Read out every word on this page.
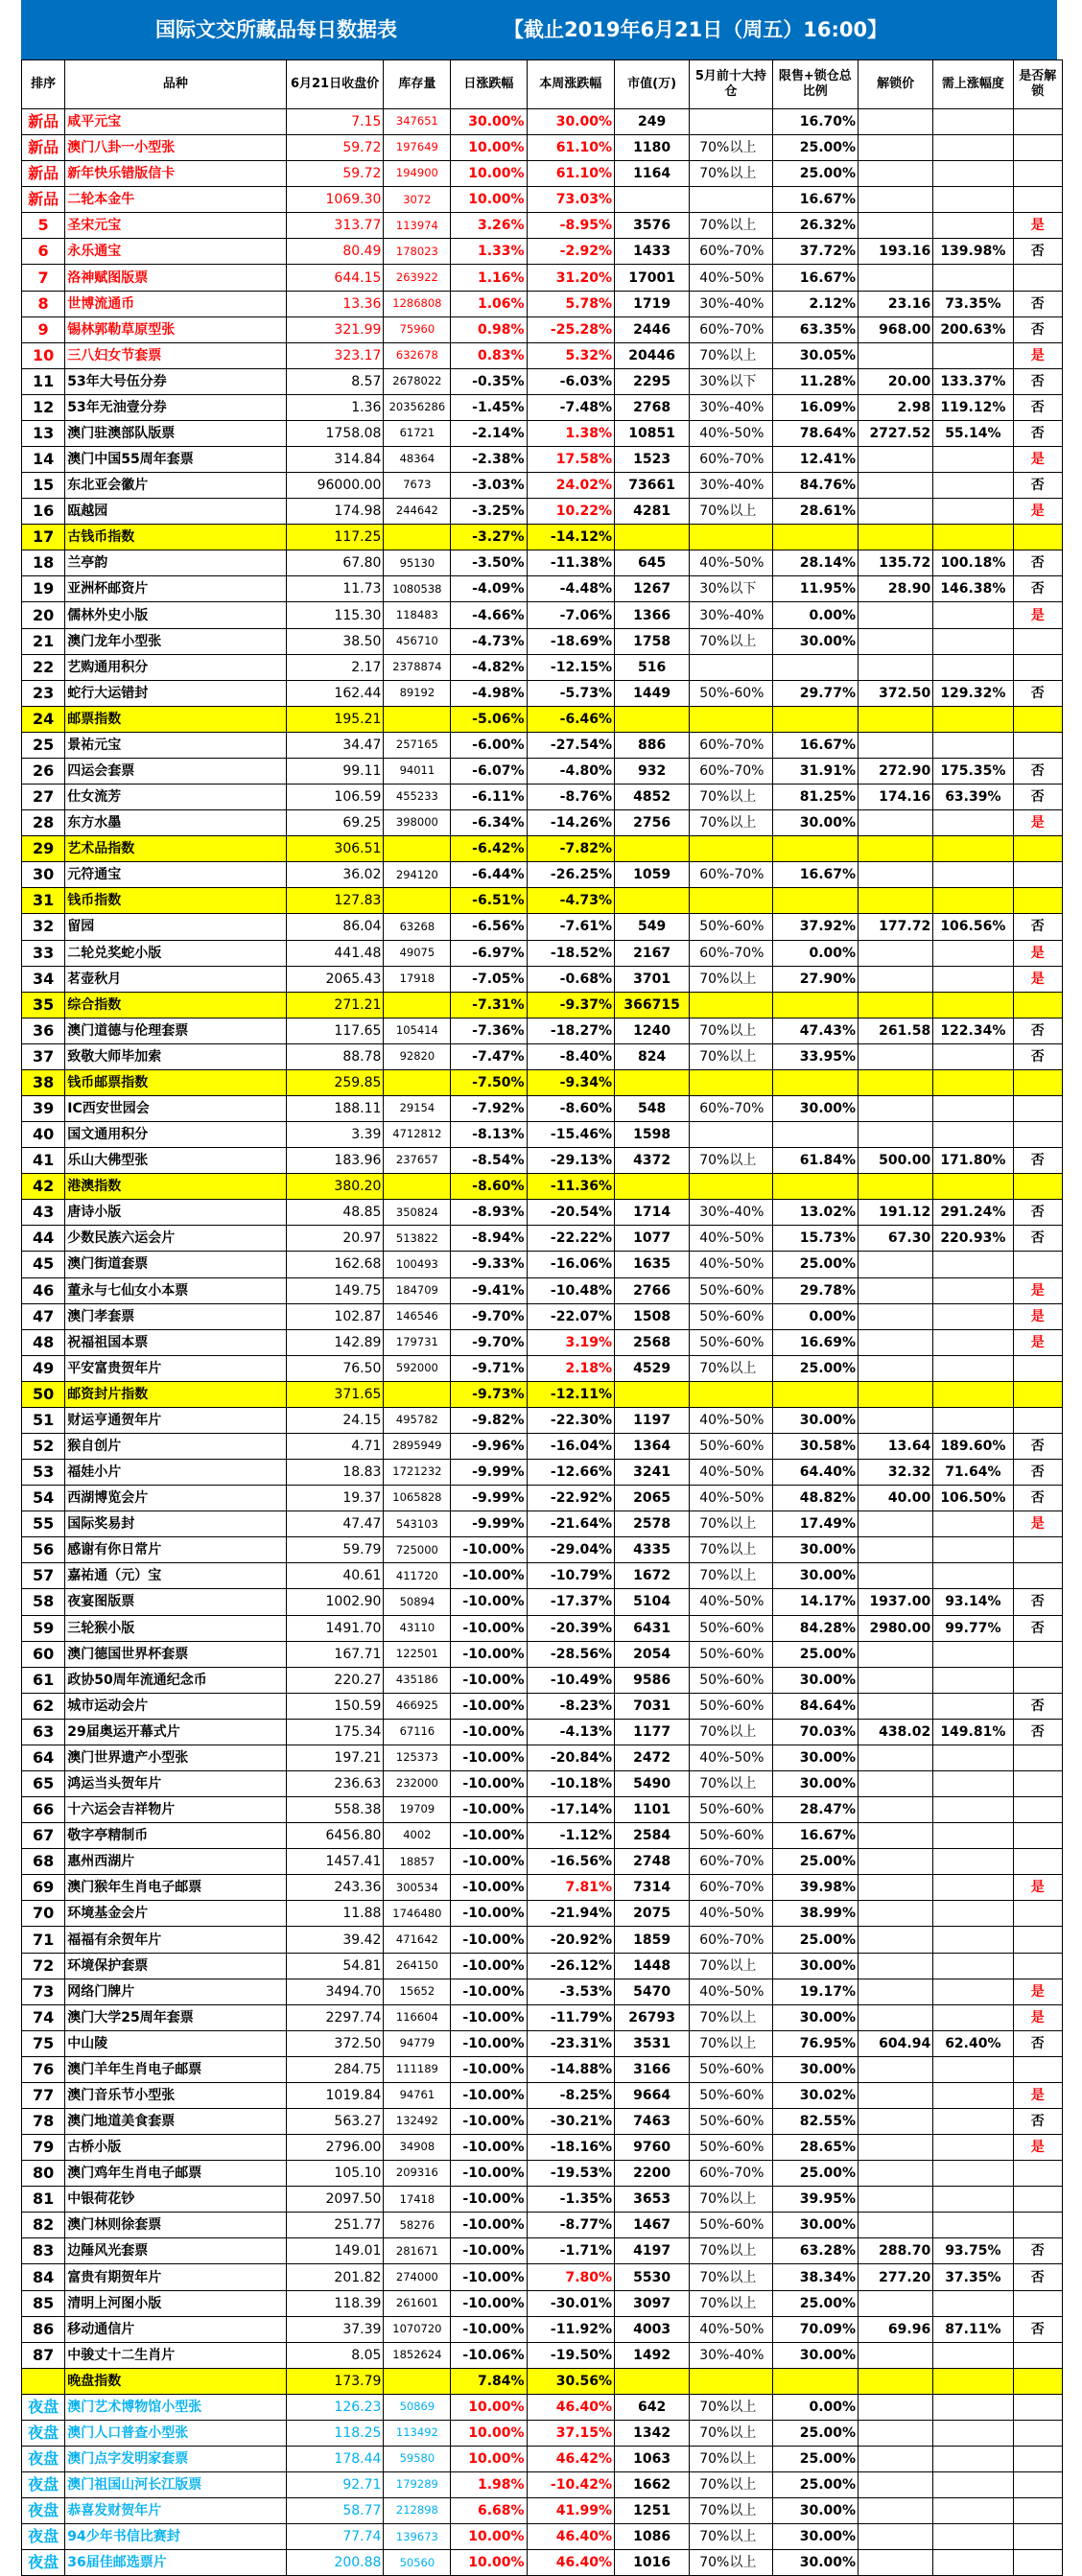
国际文交所藏品每日数据表	【截止2019年6月21日（周五）16:00】
排序	品种	6月21日收盘价	库存量	日涨跌幅	本周涨跌幅	市值(万)	5月前十大持仓	限售+锁仓总比例	解锁价	需上涨幅度	是否解锁
新品	咸平元宝	7.15	347651	30.00%	30.00%	249		16.70%			
新品	澳门八卦一小型张	59.72	197649	10.00%	61.10%	1180	70%以上	25.00%			
新品	新年快乐错版信卡	59.72	194900	10.00%	61.10%	1164	70%以上	25.00%			
新品	二轮本金牛	1069.30	3072	10.00%	73.03%			16.67%			
5	圣宋元宝	313.77	113974	3.26%	-8.95%	3576	70%以上	26.32%			是
6	永乐通宝	80.49	178023	1.33%	-2.92%	1433	60%-70%	37.72%	193.16	139.98%	否
7	洛神赋图版票	644.15	263922	1.16%	31.20%	17001	40%-50%	16.67%			
8	世博流通币	13.36	1286808	1.06%	5.78%	1719	30%-40%	2.12%	23.16	73.35%	否
9	锡林郭勒草原型张	321.99	75960	0.98%	-25.28%	2446	60%-70%	63.35%	968.00	200.63%	否
10	三八妇女节套票	323.17	632678	0.83%	5.32%	20446	70%以上	30.05%			是
11	53年大号伍分券	8.57	2678022	-0.35%	-6.03%	2295	30%以下	11.28%	20.00	133.37%	否
12	53年无油壹分券	1.36	20356286	-1.45%	-7.48%	2768	30%-40%	16.09%	2.98	119.12%	否
13	澳门驻澳部队版票	1758.08	61721	-2.14%	1.38%	10851	40%-50%	78.64%	2727.52	55.14%	否
14	澳门中国55周年套票	314.84	48364	-2.38%	17.58%	1523	60%-70%	12.41%			是
15	东北亚会徽片	96000.00	7673	-3.03%	24.02%	73661	30%-40%	84.76%			否
16	瓯越园	174.98	244642	-3.25%	10.22%	4281	70%以上	28.61%			是
17	古钱币指数	117.25		-3.27%	-14.12%						
18	兰亭韵	67.80	95130	-3.50%	-11.38%	645	40%-50%	28.14%	135.72	100.18%	否
19	亚洲杯邮资片	11.73	1080538	-4.09%	-4.48%	1267	30%以下	11.95%	28.90	146.38%	否
20	儒林外史小版	115.30	118483	-4.66%	-7.06%	1366	30%-40%	0.00%			是
21	澳门龙年小型张	38.50	456710	-4.73%	-18.69%	1758	70%以上	30.00%			
22	艺购通用积分	2.17	2378874	-4.82%	-12.15%	516					
23	蛇行大运错封	162.44	89192	-4.98%	-5.73%	1449	50%-60%	29.77%	372.50	129.32%	否
24	邮票指数	195.21		-5.06%	-6.46%						
25	景祐元宝	34.47	257165	-6.00%	-27.54%	886	60%-70%	16.67%			
26	四运会套票	99.11	94011	-6.07%	-4.80%	932	60%-70%	31.91%	272.90	175.35%	否
27	仕女流芳	106.59	455233	-6.11%	-8.76%	4852	70%以上	81.25%	174.16	63.39%	否
28	东方水墨	69.25	398000	-6.34%	-14.26%	2756	70%以上	30.00%			是
29	艺术品指数	306.51		-6.42%	-7.82%						
30	元符通宝	36.02	294120	-6.44%	-26.25%	1059	60%-70%	16.67%			
31	钱币指数	127.83		-6.51%	-4.73%						
32	留园	86.04	63268	-6.56%	-7.61%	549	50%-60%	37.92%	177.72	106.56%	否
33	二轮兑奖蛇小版	441.48	49075	-6.97%	-18.52%	2167	60%-70%	0.00%			是
34	茗壶秋月	2065.43	17918	-7.05%	-0.68%	3701	70%以上	27.90%			是
35	综合指数	271.21		-7.31%	-9.37%	366715					
36	澳门道德与伦理套票	117.65	105414	-7.36%	-18.27%	1240	70%以上	47.43%	261.58	122.34%	否
37	致敬大师毕加索	88.78	92820	-7.47%	-8.40%	824	70%以上	33.95%			否
38	钱币邮票指数	259.85		-7.50%	-9.34%						
39	IC西安世园会	188.11	29154	-7.92%	-8.60%	548	60%-70%	30.00%			
40	国文通用积分	3.39	4712812	-8.13%	-15.46%	1598					
41	乐山大佛型张	183.96	237657	-8.54%	-29.13%	4372	70%以上	61.84%	500.00	171.80%	否
42	港澳指数	380.20		-8.60%	-11.36%						
43	唐诗小版	48.85	350824	-8.93%	-20.54%	1714	30%-40%	13.02%	191.12	291.24%	否
44	少数民族六运会片	20.97	513822	-8.94%	-22.22%	1077	40%-50%	15.73%	67.30	220.93%	否
45	澳门街道套票	162.68	100493	-9.33%	-16.06%	1635	40%-50%	25.00%			
46	董永与七仙女小本票	149.75	184709	-9.41%	-10.48%	2766	50%-60%	29.78%			是
47	澳门孝套票	102.87	146546	-9.70%	-22.07%	1508	50%-60%	0.00%			是
48	祝福祖国本票	142.89	179731	-9.70%	3.19%	2568	50%-60%	16.69%			是
49	平安富贵贺年片	76.50	592000	-9.71%	2.18%	4529	70%以上	25.00%			
50	邮资封片指数	371.65		-9.73%	-12.11%						
51	财运亨通贺年片	24.15	495782	-9.82%	-22.30%	1197	40%-50%	30.00%			
52	猴自创片	4.71	2895949	-9.96%	-16.04%	1364	50%-60%	30.58%	13.64	189.60%	否
53	福娃小片	18.83	1721232	-9.99%	-12.66%	3241	40%-50%	64.40%	32.32	71.64%	否
54	西湖博览会片	19.37	1065828	-9.99%	-22.92%	2065	40%-50%	48.82%	40.00	106.50%	否
55	国际奖易封	47.47	543103	-9.99%	-21.64%	2578	70%以上	17.49%			是
56	感谢有你日常片	59.79	725000	-10.00%	-29.04%	4335	70%以上	30.00%			
57	嘉祐通（元）宝	40.61	411720	-10.00%	-10.79%	1672	70%以上	30.00%			
58	夜宴图版票	1002.90	50894	-10.00%	-17.37%	5104	40%-50%	14.17%	1937.00	93.14%	否
59	三轮猴小版	1491.70	43110	-10.00%	-20.39%	6431	50%-60%	84.28%	2980.00	99.77%	否
60	澳门德国世界杯套票	167.71	122501	-10.00%	-28.56%	2054	50%-60%	25.00%			
61	政协50周年流通纪念币	220.27	435186	-10.00%	-10.49%	9586	50%-60%	30.00%			
62	城市运动会片	150.59	466925	-10.00%	-8.23%	7031	50%-60%	84.64%			否
63	29届奥运开幕式片	175.34	67116	-10.00%	-4.13%	1177	70%以上	70.03%	438.02	149.81%	否
64	澳门世界遗产小型张	197.21	125373	-10.00%	-20.84%	2472	40%-50%	30.00%			
65	鸿运当头贺年片	236.63	232000	-10.00%	-10.18%	5490	70%以上	30.00%			
66	十六运会吉祥物片	558.38	19709	-10.00%	-17.14%	1101	50%-60%	28.47%			
67	敬字亭精制币	6456.80	4002	-10.00%	-1.12%	2584	50%-60%	16.67%			
68	惠州西湖片	1457.41	18857	-10.00%	-16.56%	2748	60%-70%	25.00%			
69	澳门猴年生肖电子邮票	243.36	300534	-10.00%	7.81%	7314	60%-70%	39.98%			是
70	环境基金会片	11.88	1746480	-10.00%	-21.94%	2075	40%-50%	38.99%			
71	福福有余贺年片	39.42	471642	-10.00%	-20.92%	1859	60%-70%	25.00%			
72	环境保护套票	54.81	264150	-10.00%	-26.12%	1448	70%以上	30.00%			
73	网络门牌片	3494.70	15652	-10.00%	-3.53%	5470	40%-50%	19.17%			是
74	澳门大学25周年套票	2297.74	116604	-10.00%	-11.79%	26793	70%以上	30.00%			是
75	中山陵	372.50	94779	-10.00%	-23.31%	3531	70%以上	76.95%	604.94	62.40%	否
76	澳门羊年生肖电子邮票	284.75	111189	-10.00%	-14.88%	3166	50%-60%	30.00%			
77	澳门音乐节小型张	1019.84	94761	-10.00%	-8.25%	9664	50%-60%	30.02%			是
78	澳门地道美食套票	563.27	132492	-10.00%	-30.21%	7463	50%-60%	82.55%			否
79	古桥小版	2796.00	34908	-10.00%	-18.16%	9760	50%-60%	28.65%			是
80	澳门鸡年生肖电子邮票	105.10	209316	-10.00%	-19.53%	2200	60%-70%	25.00%			
81	中银荷花钞	2097.50	17418	-10.00%	-1.35%	3653	70%以上	39.95%			
82	澳门林则徐套票	251.77	58276	-10.00%	-8.77%	1467	50%-60%	30.00%			
83	边陲风光套票	149.01	281671	-10.00%	-1.71%	4197	70%以上	63.28%	288.70	93.75%	否
84	富贵有期贺年片	201.82	274000	-10.00%	7.80%	5530	70%以上	38.34%	277.20	37.35%	否
85	清明上河图小版	118.39	261601	-10.00%	-30.01%	3097	70%以上	25.00%			
86	移动通信片	37.39	1070720	-10.00%	-11.92%	4003	40%-50%	70.09%	69.96	87.11%	否
87	中骏丈十二生肖片	8.05	1852624	-10.06%	-19.50%	1492	30%-40%	30.00%			
	晚盘指数	173.79		7.84%	30.56%						
夜盘	澳门艺术博物馆小型张	126.23	50869	10.00%	46.40%	642	70%以上	0.00%			
夜盘	澳门人口普查小型张	118.25	113492	10.00%	37.15%	1342	70%以上	25.00%			
夜盘	澳门点字发明家套票	178.44	59580	10.00%	46.42%	1063	70%以上	25.00%			
夜盘	澳门祖国山河长江版票	92.71	179289	1.98%	-10.42%	1662	70%以上	25.00%			
夜盘	恭喜发财贺年片	58.77	212898	6.68%	41.99%	1251	70%以上	30.00%			
夜盘	94少年书信比赛封	77.74	139673	10.00%	46.40%	1086	70%以上	30.00%			
夜盘	36届佳邮选票片	200.88	50560	10.00%	46.40%	1016	70%以上	30.00%			
